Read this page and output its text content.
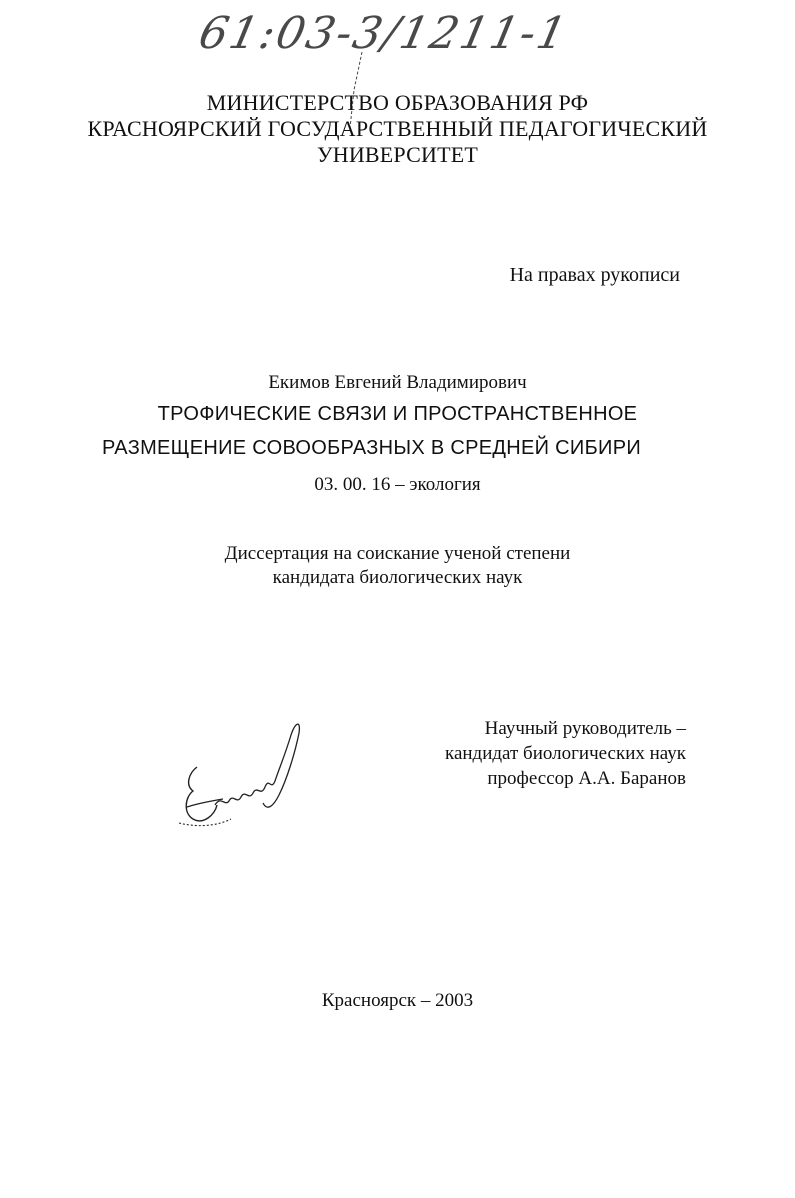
61:03-3/1211-1
МИНИСТЕРСТВО ОБРАЗОВАНИЯ РФ
КРАСНОЯРСКИЙ ГОСУДАРСТВЕННЫЙ ПЕДАГОГИЧЕСКИЙ
УНИВЕРСИТЕТ
На правах рукописи
Екимов Евгений Владимирович
ТРОФИЧЕСКИЕ СВЯЗИ И ПРОСТРАНСТВЕННОЕ
РАЗМЕЩЕНИЕ СОВООБРАЗНЫХ В СРЕДНЕЙ СИБИРИ
03. 00. 16 – экология
Диссертация на соискание ученой степени
кандидата биологических наук
Научный руководитель –
кандидат биологических наук
профессор А.А. Баранов
Красноярск – 2003
